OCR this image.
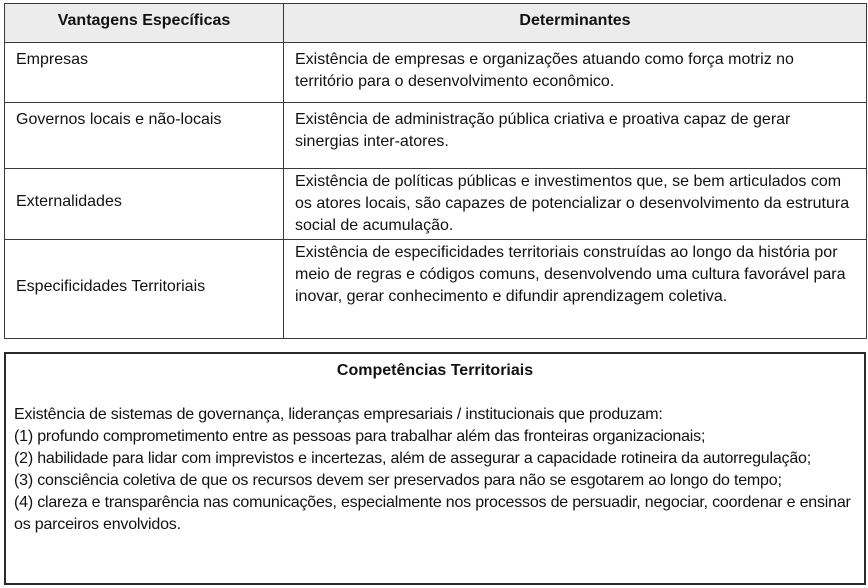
Vantagens Específicas	Determinantes
Empresas	Existência de empresas e organizações atuando como força motriz no território para o desenvolvimento econômico.
Governos locais e não-locais	Existência de administração pública criativa e proativa capaz de gerar sinergias inter-atores.
Externalidades	Existência de políticas públicas e investimentos que, se bem articulados com os atores locais, são capazes de potencializar o desenvolvimento da estrutura social de acumulação.
Especificidades Territoriais	Existência de especificidades territoriais construídas ao longo da história por meio de regras e códigos comuns, desenvolvendo uma cultura favorável para inovar, gerar conhecimento e difundir aprendizagem coletiva.

Competências Territoriais

Existência de sistemas de governança, lideranças empresariais / institucionais que produzam:

(1) profundo comprometimento entre as pessoas para trabalhar além das fronteiras organizacionais;

(2) habilidade para lidar com imprevistos e incertezas, além de assegurar a capacidade rotineira da autorregulação;

(3) consciência coletiva de que os recursos devem ser preservados para não se esgotarem ao longo do tempo;

(4) clareza e transparência nas comunicações, especialmente nos processos de persuadir, negociar, coordenar e ensinar os parceiros envolvidos.
